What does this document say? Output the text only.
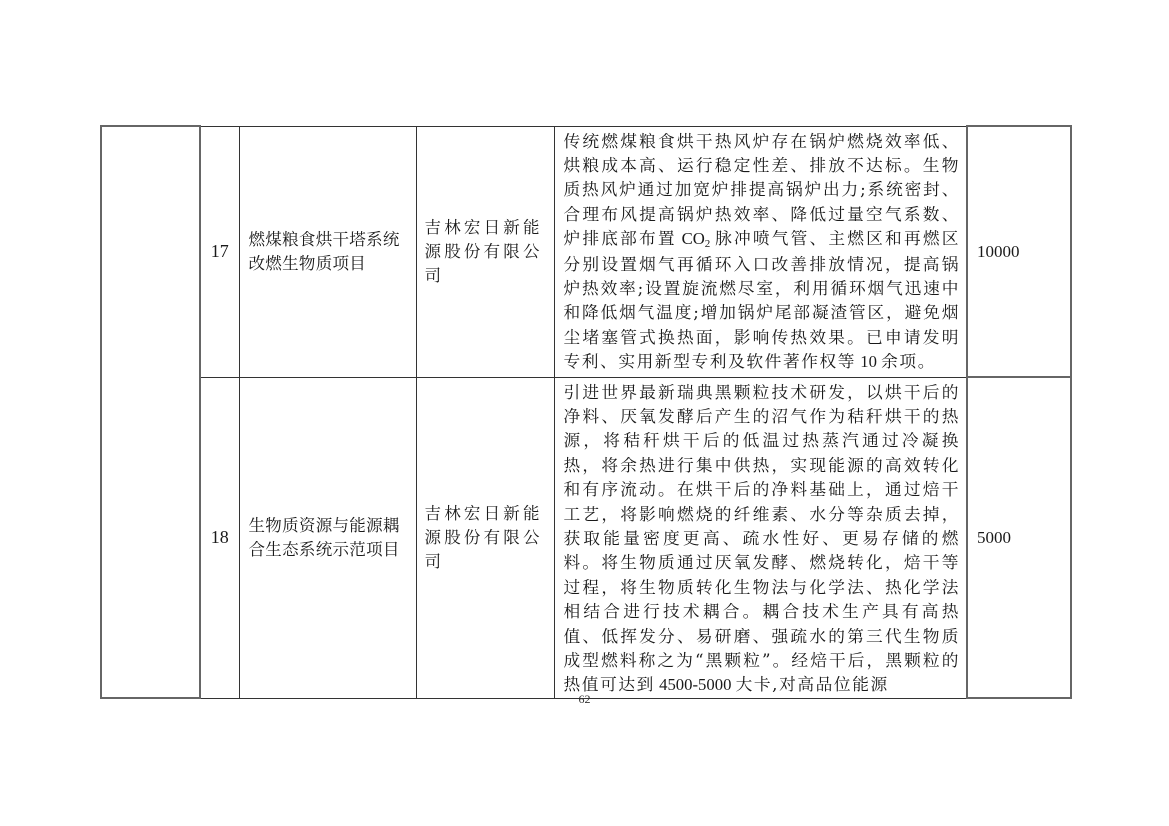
	17	燃煤粮食烘干塔系统改燃生物质项目	吉林宏日新能源股份有限公司	传统燃煤粮食烘干热风炉存在锅炉燃烧效率低、烘粮成本高、运行稳定性差、排放不达标。生物质热风炉通过加宽炉排提高锅炉出力;系统密封、合理布风提高锅炉热效率、降低过量空气系数、炉排底部布置 $CO_2$ 脉冲喷气管、主燃区和再燃区分别设置烟气再循环入口改善排放情况，提高锅炉热效率;设置旋流燃尽室，利用循环烟气迅速中和降低烟气温度;增加锅炉尾部凝渣管区，避免烟尘堵塞管式换热面，影响传热效果。已申请发明专利、实用新型专利及软件著作权等 10 余项。	10000
	18	生物质资源与能源耦合生态系统示范项目	吉林宏日新能源股份有限公司	引进世界最新瑞典黑颗粒技术研发，以烘干后的净料、厌氧发酵后产生的沼气作为秸秆烘干的热源，将秸秆烘干后的低温过热蒸汽通过冷凝换热，将余热进行集中供热，实现能源的高效转化和有序流动。在烘干后的净料基础上，通过焙干工艺，将影响燃烧的纤维素、水分等杂质去掉，获取能量密度更高、疏水性好、更易存储的燃料。将生物质通过厌氧发酵、燃烧转化，焙干等过程，将生物质转化生物法与化学法、热化学法相结合进行技术耦合。耦合技术生产具有高热值、低挥发分、易研磨、强疏水的第三代生物质成型燃料称之为“黑颗粒”。经焙干后，黑颗粒的热值可达到 4500-5000 大卡,对高品位能源	5000
62
